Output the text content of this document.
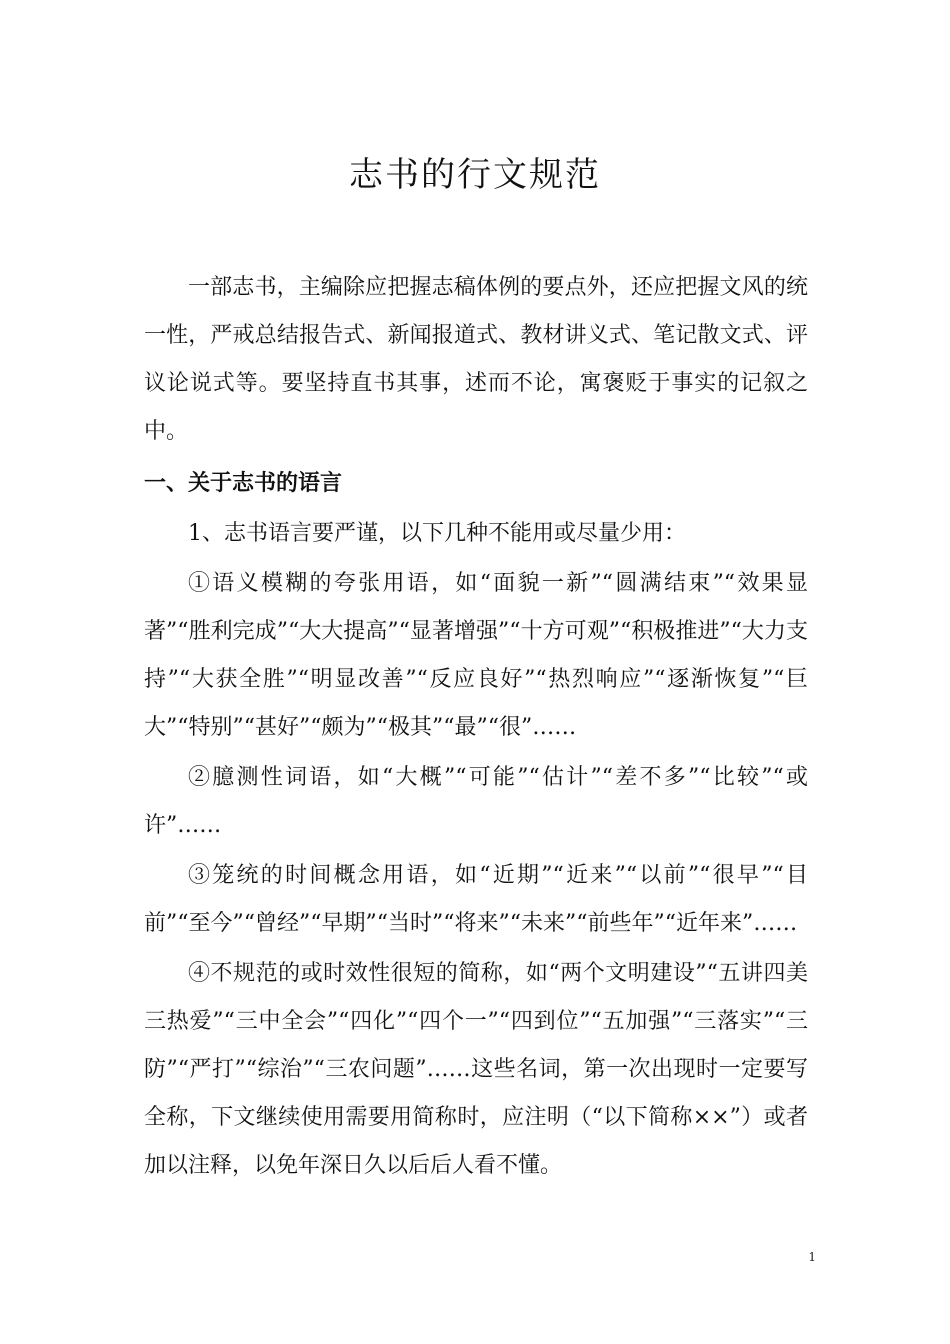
志书的行文规范

一部志书，主编除应把握志稿体例的要点外，还应把握文风的统一性，严戒总结报告式、新闻报道式、教材讲义式、笔记散文式、评议论说式等。要坚持直书其事，述而不论，寓褒贬于事实的记叙之中。

一、关于志书的语言

1、志书语言要严谨，以下几种不能用或尽量少用：

①语义模糊的夸张用语，如“面貌一新”“圆满结束”“效果显著”“胜利完成”“大大提高”“显著增强”“十方可观”“积极推进”“大力支持”“大获全胜”“明显改善”“反应良好”“热烈响应”“逐渐恢复”“巨大”“特别”“甚好”“颇为”“极其”“最”“很”……

②臆测性词语，如“大概”“可能”“估计”“差不多”“比较”“或许”……

③笼统的时间概念用语，如“近期”“近来”“以前”“很早”“目前”“至今”“曾经”“早期”“当时”“将来”“未来”“前些年”“近年来”……

④不规范的或时效性很短的简称，如“两个文明建设”“五讲四美三热爱”“三中全会”“四化”“四个一”“四到位”“五加强”“三落实”“三防”“严打”“综治”“三农问题”……这些名词，第一次出现时一定要写全称，下文继续使用需要用简称时，应注明（“以下简称××”）或者加以注释，以免年深日久以后后人看不懂。

1
